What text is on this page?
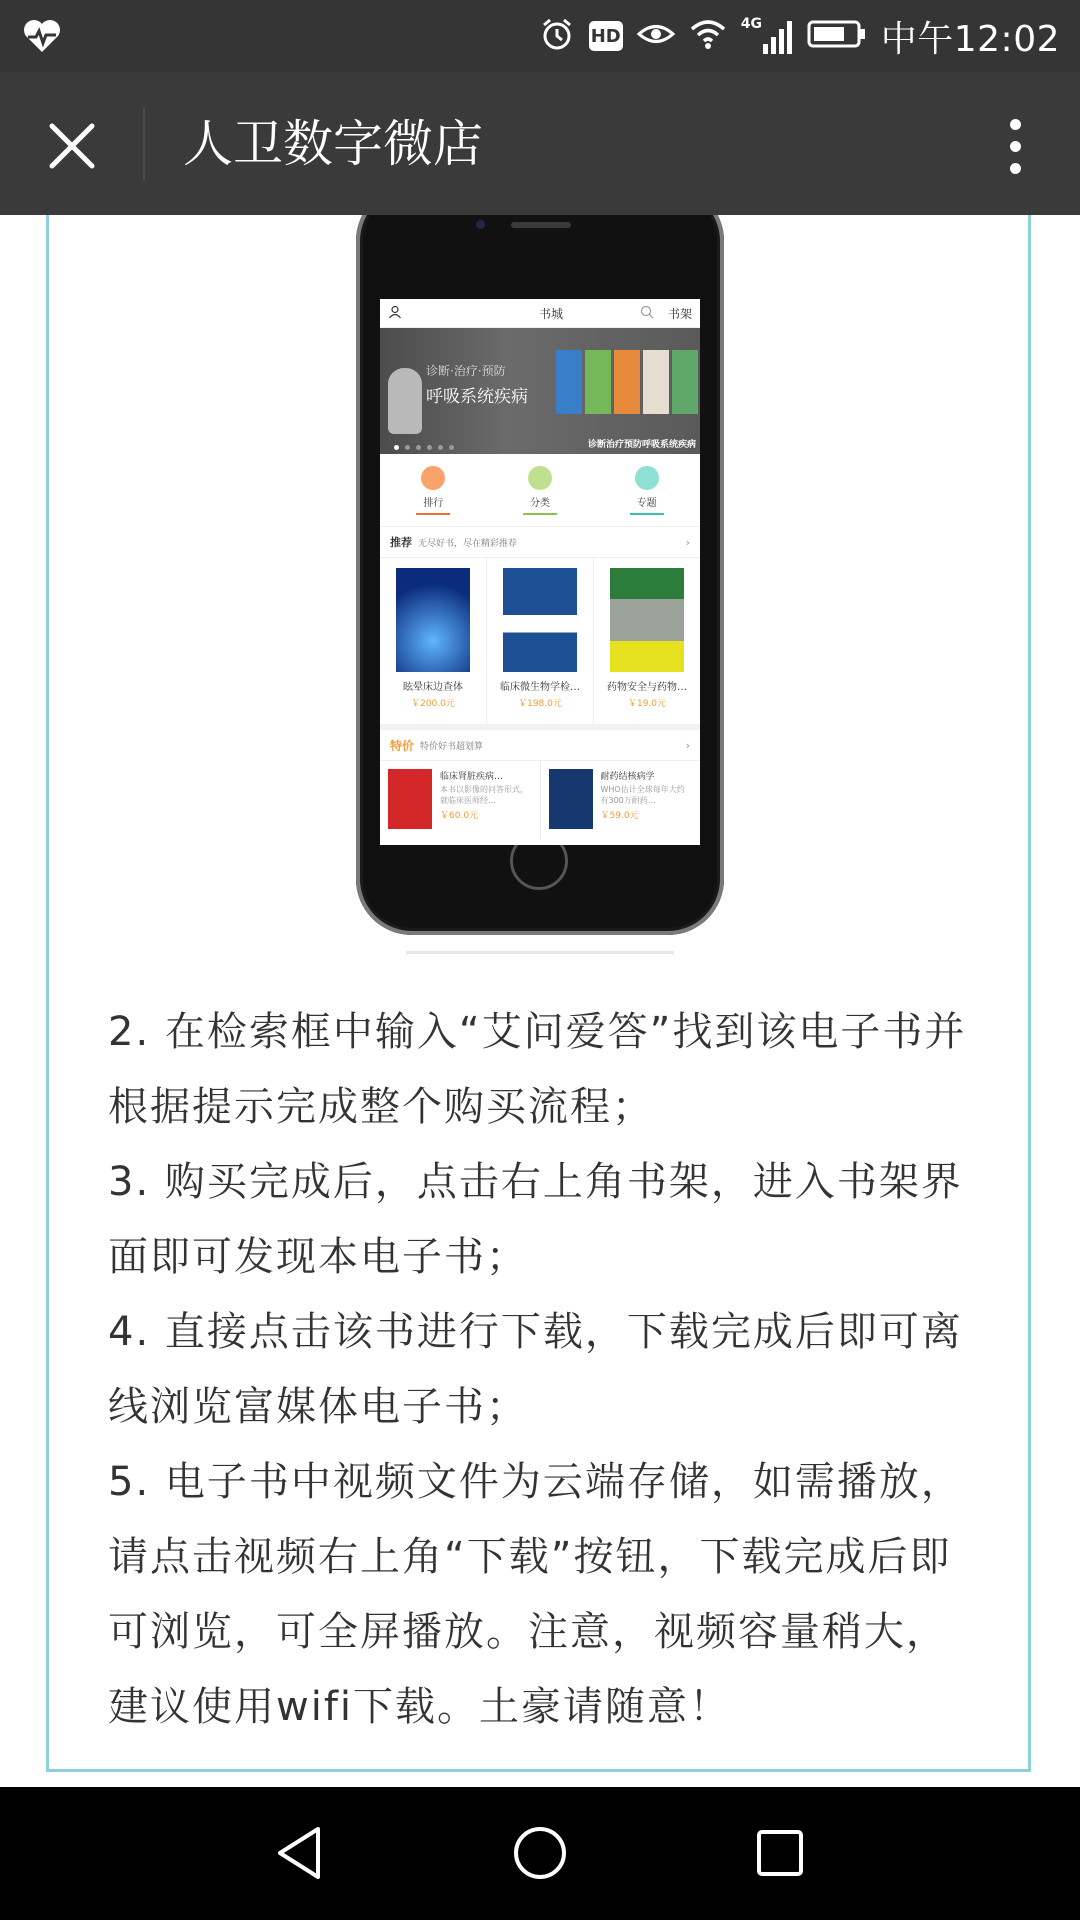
HD
4G	中午12:02
人卫数字微店
书城	书架
诊断·治疗·预防
呼吸系统疾病
诊断治疗预防呼吸系统疾病
排行	分类	专题
推荐 无尽好书，尽在精彩推荐	›
眩晕床边查体
￥200.0元
临床微生物学检…
￥198.0元
药物安全与药物…
￥19.0元
特价 特价好书超划算	›
临床肾脏疾病…
本书以影像的问答形式，就临床医师经…
￥60.0元
耐药结核病学
WHO估计全球每年大约有300万耐药…
￥59.0元

2. 在检索框中输入“艾问爱答”找到该电子书并根据提示完成整个购买流程；

3. 购买完成后，点击右上角书架，进入书架界面即可发现本电子书；

4. 直接点击该书进行下载，下载完成后即可离线浏览富媒体电子书；

5. 电子书中视频文件为云端存储，如需播放，请点击视频右上角“下载”按钮，下载完成后即可浏览，可全屏播放。注意，视频容量稍大，建议使用wifi下载。土豪请随意！
